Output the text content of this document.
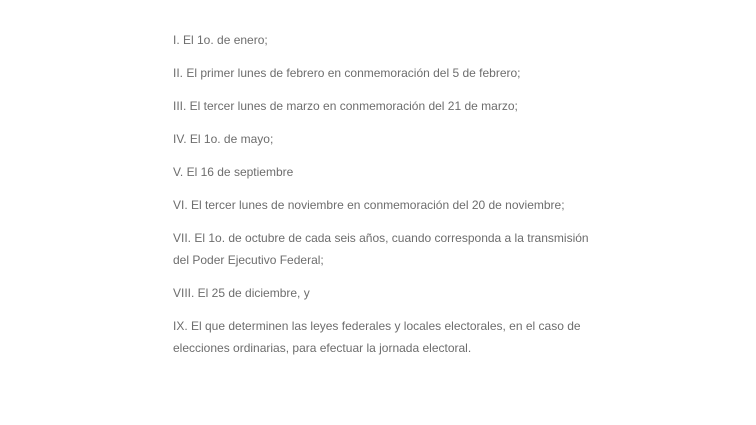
I. El 1o. de enero;

II. El primer lunes de febrero en conmemoración del 5 de febrero;

III. El tercer lunes de marzo en conmemoración del 21 de marzo;

IV. El 1o. de mayo;

V. El 16 de septiembre

VI. El tercer lunes de noviembre en conmemoración del 20 de noviembre;

VII. El 1o. de octubre de cada seis años, cuando corresponda a la transmisión del Poder Ejecutivo Federal;

VIII. El 25 de diciembre, y

IX. El que determinen las leyes federales y locales electorales, en el caso de elecciones ordinarias, para efectuar la jornada electoral.
